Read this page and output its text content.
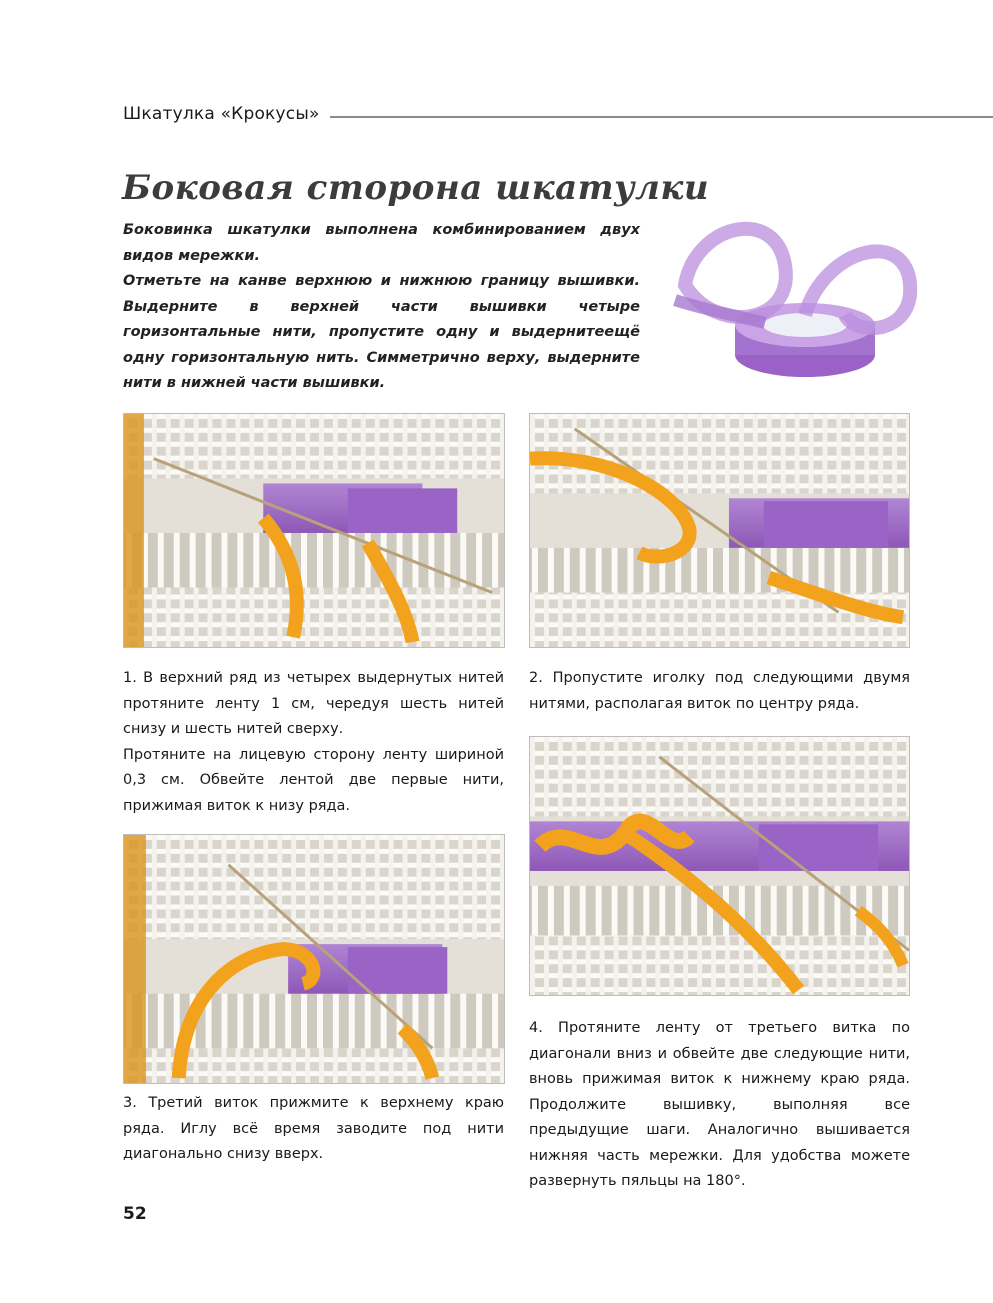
Шкатулка «Крокусы»
Боковая сторона шкатулки

Боковинка шкатулки выполнена комбинированием двух видов мережки.

Отметьте на канве верхнюю и нижнюю границу вышивки. Выдерните в верхней части вышивки четыре горизонтальные нити, пропустите одну и выдернитеещё одну горизонтальную нить. Симметрично верху, выдерните нити в нижней части вышивки.

1. В верхний ряд из четырех выдернутых нитей протяните ленту 1 см, чередуя шесть нитей снизу и шесть нитей сверху.

Протяните на лицевую сторону ленту шириной 0,3 см. Обвейте лентой две первые нити, прижимая виток к низу ряда.

2. Пропустите иголку под следующими двумя нитями, располагая виток по центру ряда.

4. Протяните ленту от третьего витка по диагонали вниз и обвейте две следующие нити, вновь прижимая виток к нижнему краю ряда. Продолжите вышивку, выполняя все предыдущие шаги. Аналогично вышивается нижняя часть мережки. Для удобства можете развернуть пяльцы на 180°.

3. Третий виток прижмите к верхнему краю ряда. Иглу всё время заводите под нити диагонально снизу вверх.

52
